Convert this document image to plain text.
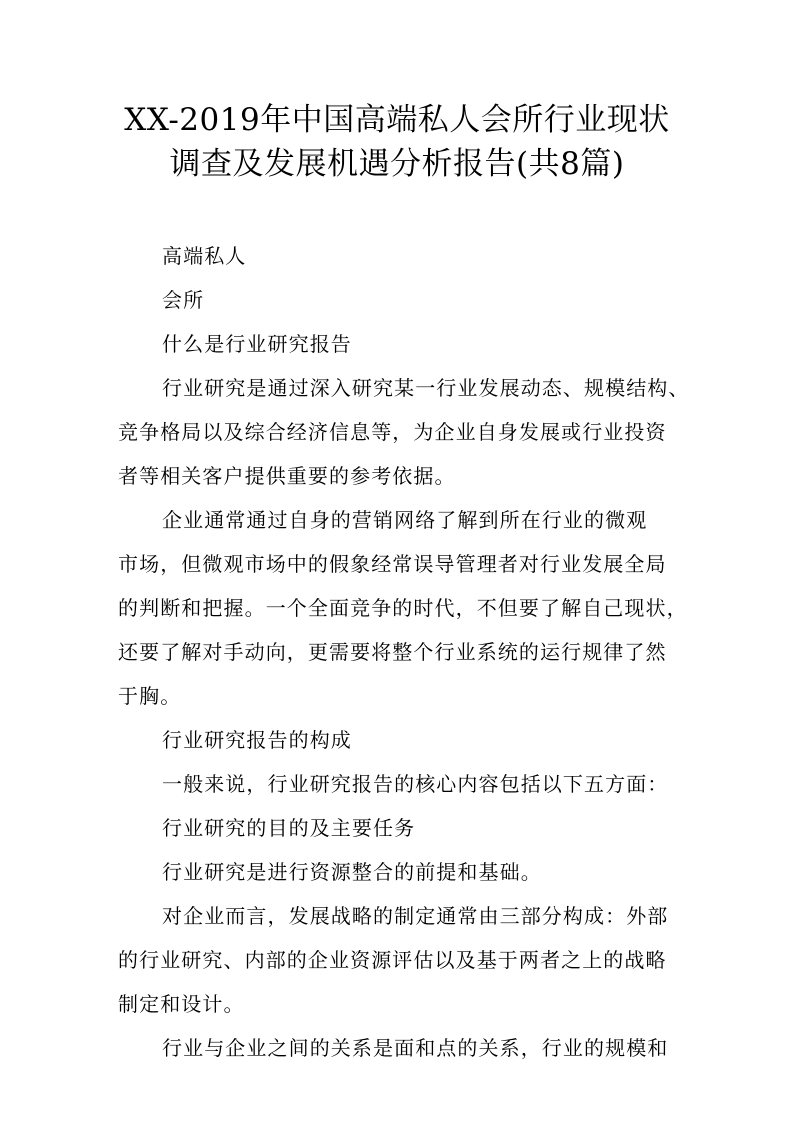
XX-2019年中国高端私人会所行业现状
调查及发展机遇分析报告(共8篇)

高端私人

会所

什么是行业研究报告

行业研究是通过深入研究某一行业发展动态、规模结构、

竞争格局以及综合经济信息等，为企业自身发展或行业投资

者等相关客户提供重要的参考依据。

企业通常通过自身的营销网络了解到所在行业的微观

市场，但微观市场中的假象经常误导管理者对行业发展全局

的判断和把握。一个全面竞争的时代，不但要了解自己现状，

还要了解对手动向，更需要将整个行业系统的运行规律了然

于胸。

行业研究报告的构成

一般来说，行业研究报告的核心内容包括以下五方面：

行业研究的目的及主要任务

行业研究是进行资源整合的前提和基础。

对企业而言，发展战略的制定通常由三部分构成：外部

的行业研究、内部的企业资源评估以及基于两者之上的战略

制定和设计。

行业与企业之间的关系是面和点的关系，行业的规模和
